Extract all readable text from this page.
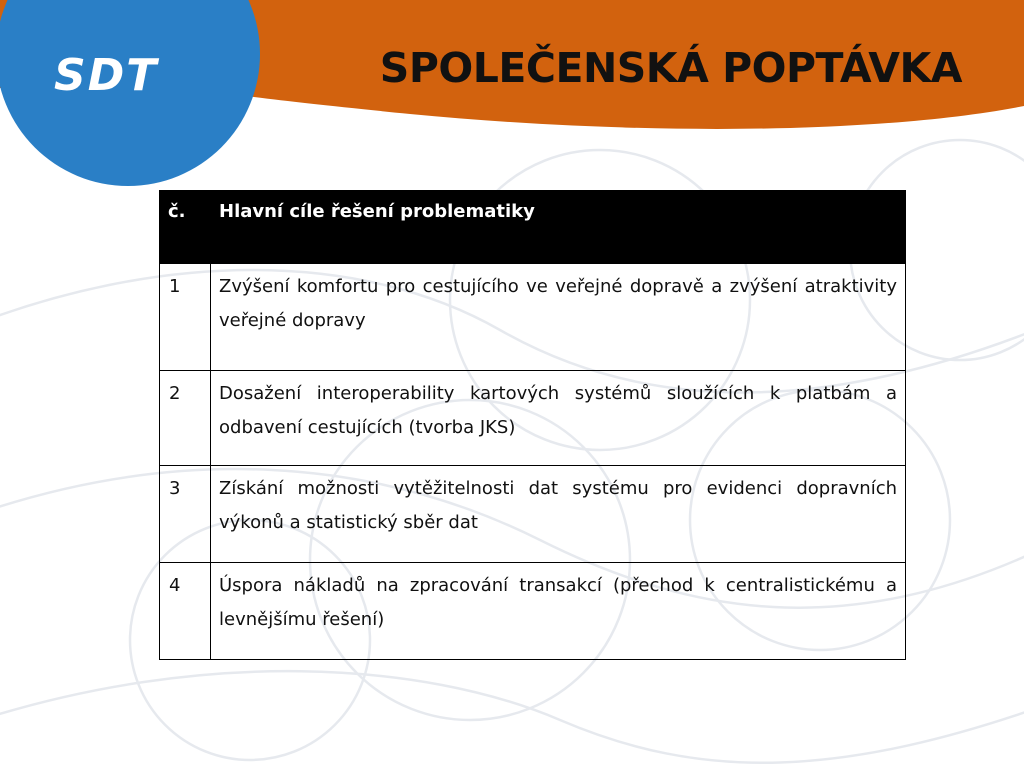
SDT	SPOLEČENSKÁ POPTÁVKA
č.	Hlavní cíle řešení problematiky
1	Zvýšení komfortu pro cestujícího ve veřejné dopravě a zvýšení atraktivity veřejné dopravy
2	Dosažení interoperability kartových systémů sloužících k platbám a odbavení cestujících (tvorba JKS)
3	Získání možnosti vytěžitelnosti dat systému pro evidenci dopravních výkonů a statistický sběr dat
4	Úspora nákladů na zpracování transakcí (přechod k centralistickému a levnějšímu řešení)
